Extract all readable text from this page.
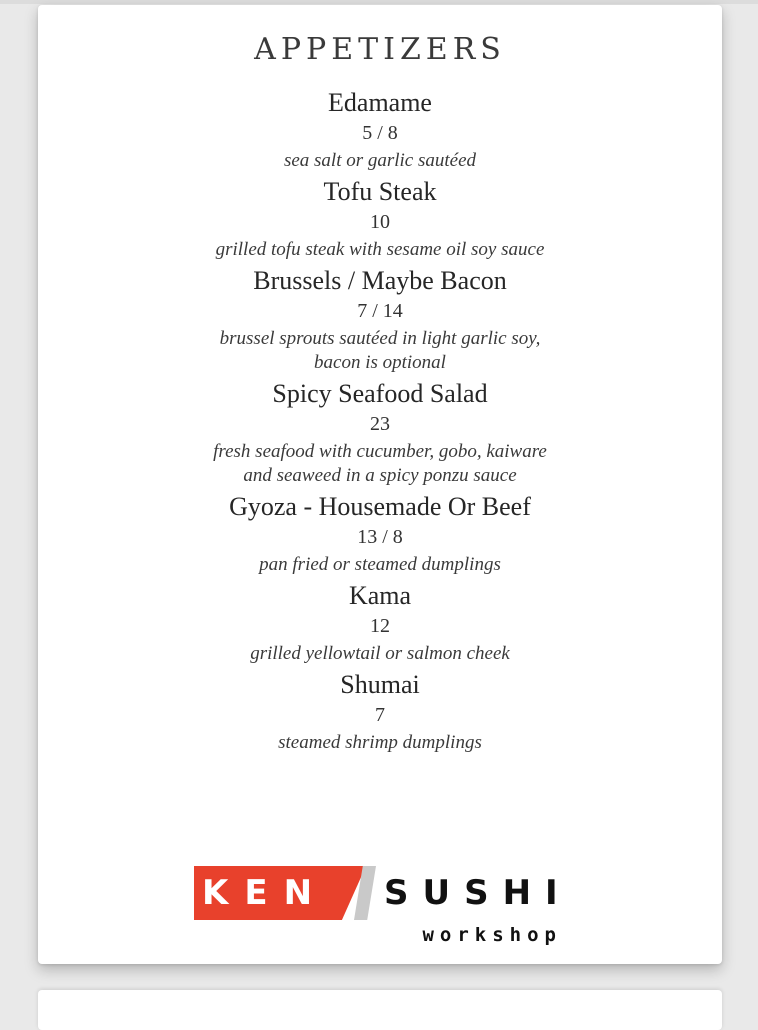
APPETIZERS
Edamame
5 / 8
sea salt or garlic sautéed
Tofu Steak
10
grilled tofu steak with sesame oil soy sauce
Brussels / Maybe Bacon
7 / 14
brussel sprouts sautéed in light garlic soy,
bacon is optional
Spicy Seafood Salad
23
fresh seafood with cucumber, gobo, kaiware
and seaweed in a spicy ponzu sauce
Gyoza - Housemade Or Beef
13 / 8
pan fried or steamed dumplings
Kama
12
grilled yellowtail or salmon cheek
Shumai
7
steamed shrimp dumplings
KEN SUSHI
workshop
